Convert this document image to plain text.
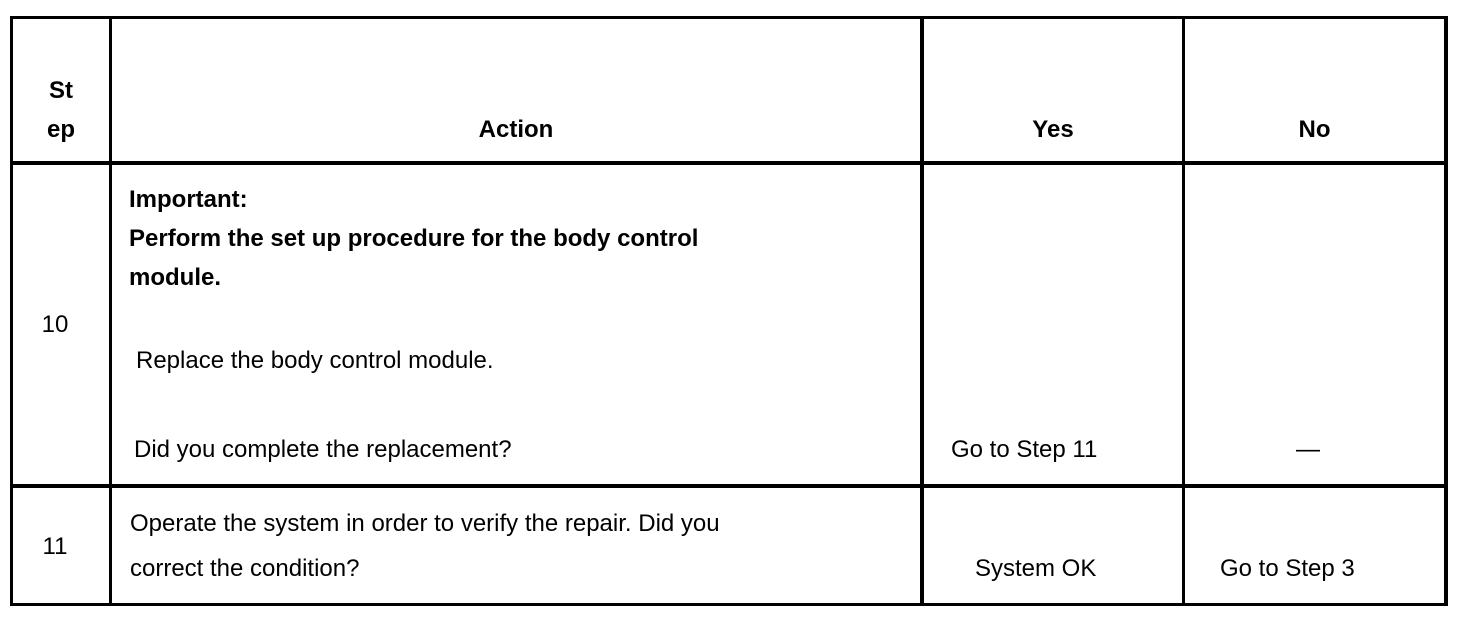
St
ep	Action	Yes	No
10
Important:
Perform the set up procedure for the body control
module.
Replace the body control module.
Did you complete the replacement?	Go to Step 11	—
11
Operate the system in order to verify the repair. Did you
correct the condition?	System OK	Go to Step 3
